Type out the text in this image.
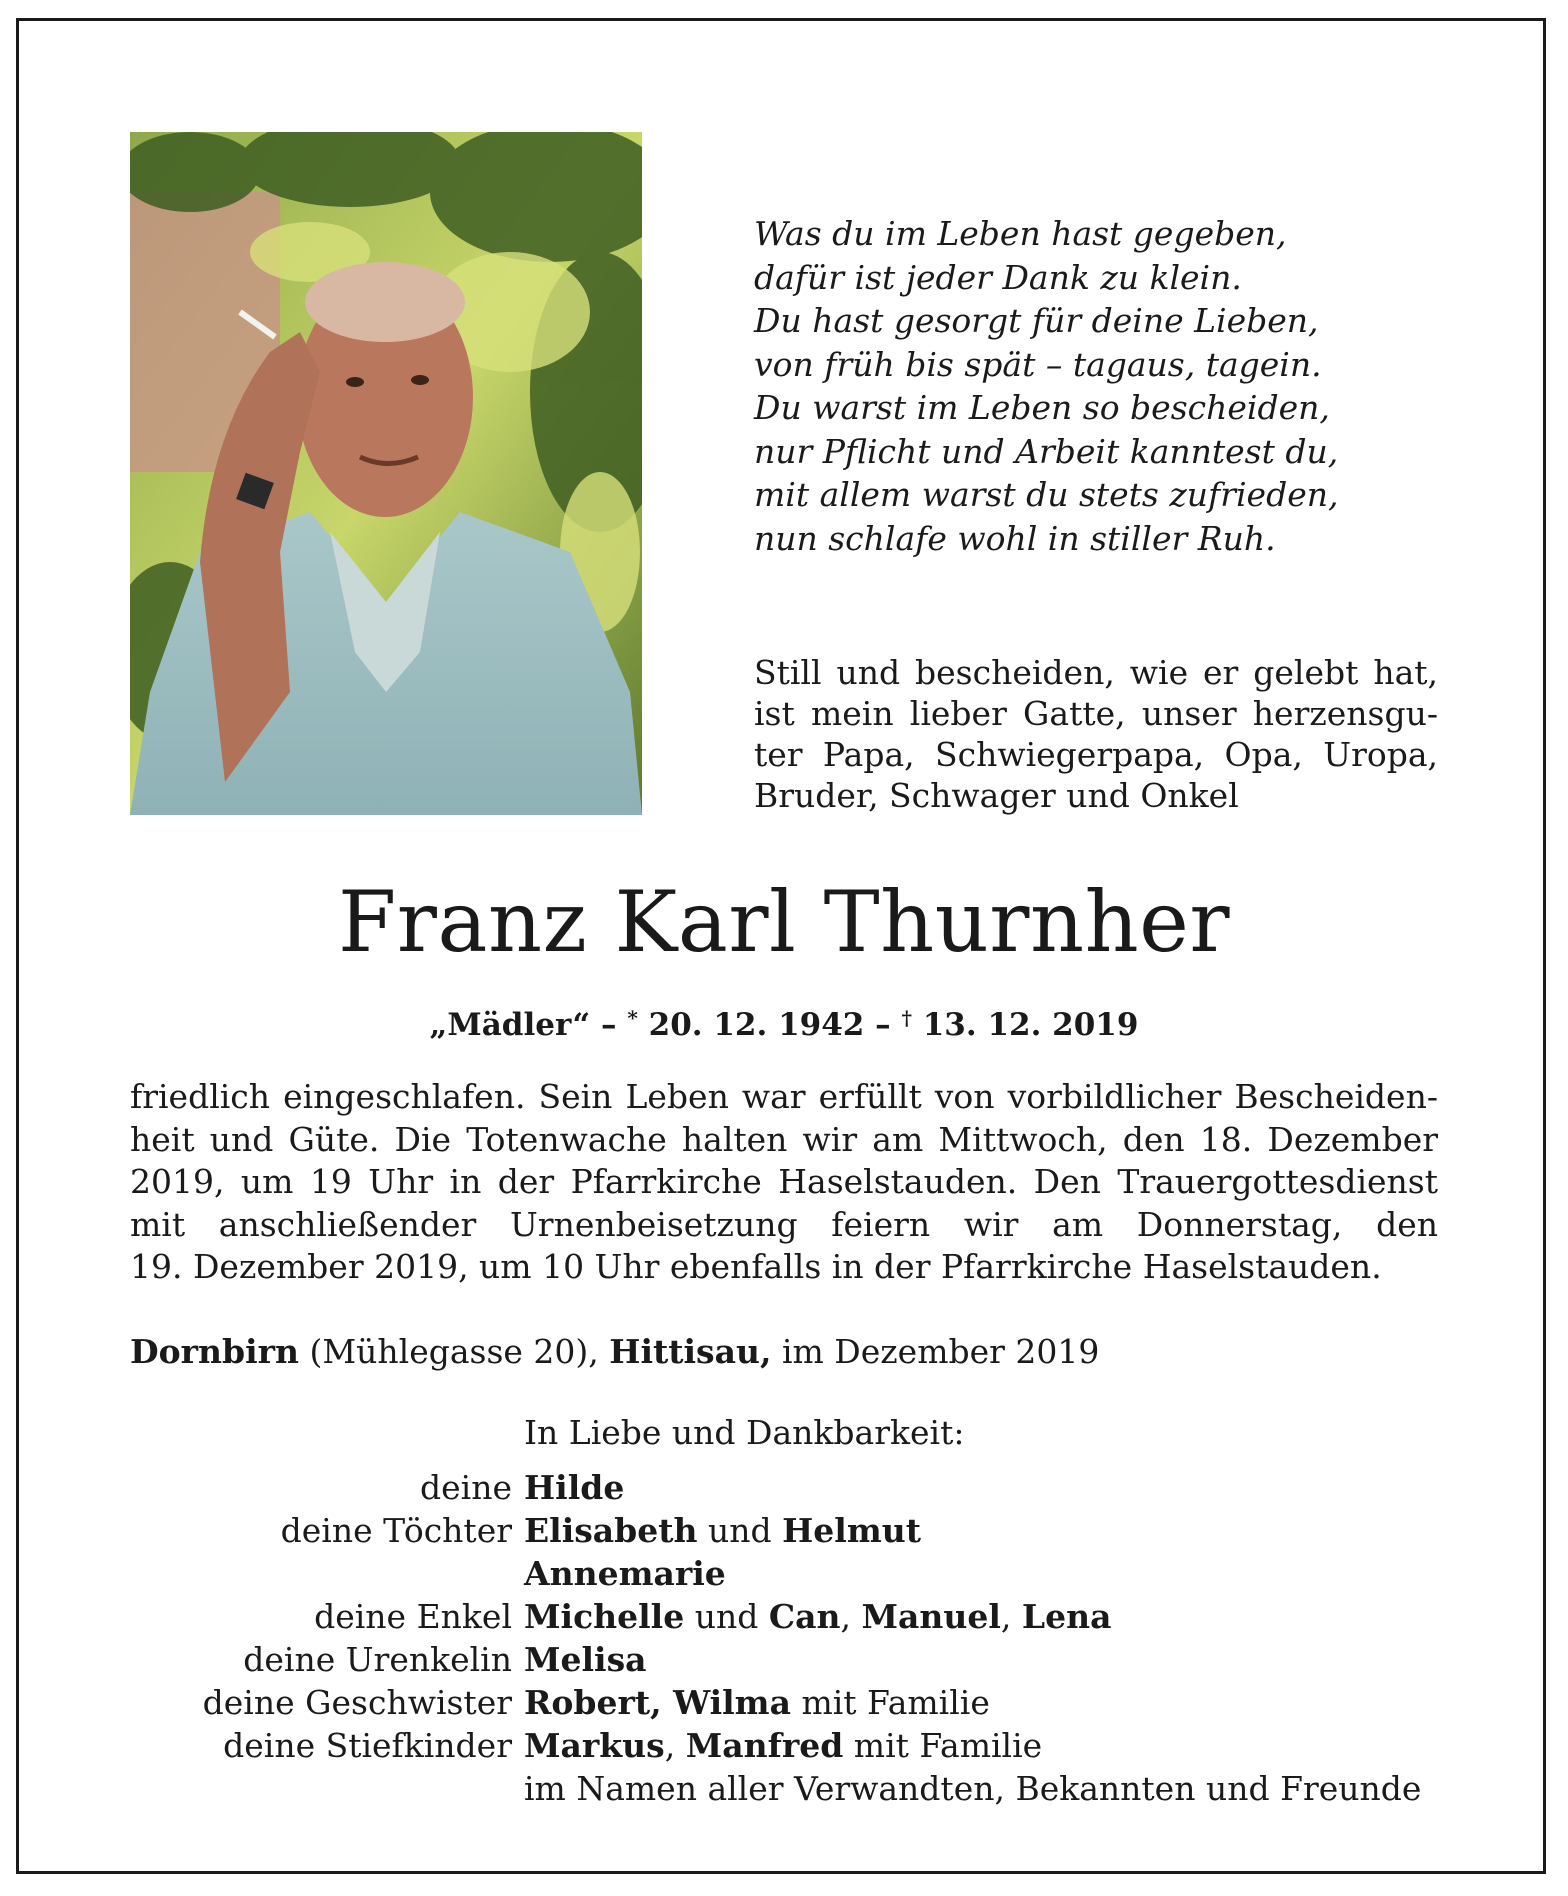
Was du im Leben hast gegeben,
dafür ist jeder Dank zu klein.
Du hast gesorgt für deine Lieben,
von früh bis spät – tagaus, tagein.
Du warst im Leben so bescheiden,
nur Pflicht und Arbeit kanntest du,
mit allem warst du stets zufrieden,
nun schlafe wohl in stiller Ruh.
Still und bescheiden, wie er gelebt hat,
ist mein lieber Gatte, unser herzensgu-
ter Papa, Schwiegerpapa, Opa, Uropa,
Bruder, Schwager und Onkel
Franz Karl Thurnher
„Mädler“ – * 20. 12. 1942 – † 13. 12. 2019
friedlich eingeschlafen. Sein Leben war erfüllt von vorbildlicher Bescheiden-
heit und Güte. Die Totenwache halten wir am Mittwoch, den 18. Dezember
2019, um 19 Uhr in der Pfarrkirche Haselstauden. Den Trauergottesdienst
mit anschließender Urnenbeisetzung feiern wir am Donnerstag, den
19. Dezember 2019, um 10 Uhr ebenfalls in der Pfarrkirche Haselstauden.
Dornbirn (Mühlegasse 20), Hittisau, im Dezember 2019
In Liebe und Dankbarkeit:
deine Hilde
deine Töchter Elisabeth und Helmut
Annemarie
deine Enkel Michelle und Can, Manuel, Lena
deine Urenkelin Melisa
deine Geschwister Robert, Wilma mit Familie
deine Stiefkinder Markus, Manfred mit Familie
im Namen aller Verwandten, Bekannten und Freunde
